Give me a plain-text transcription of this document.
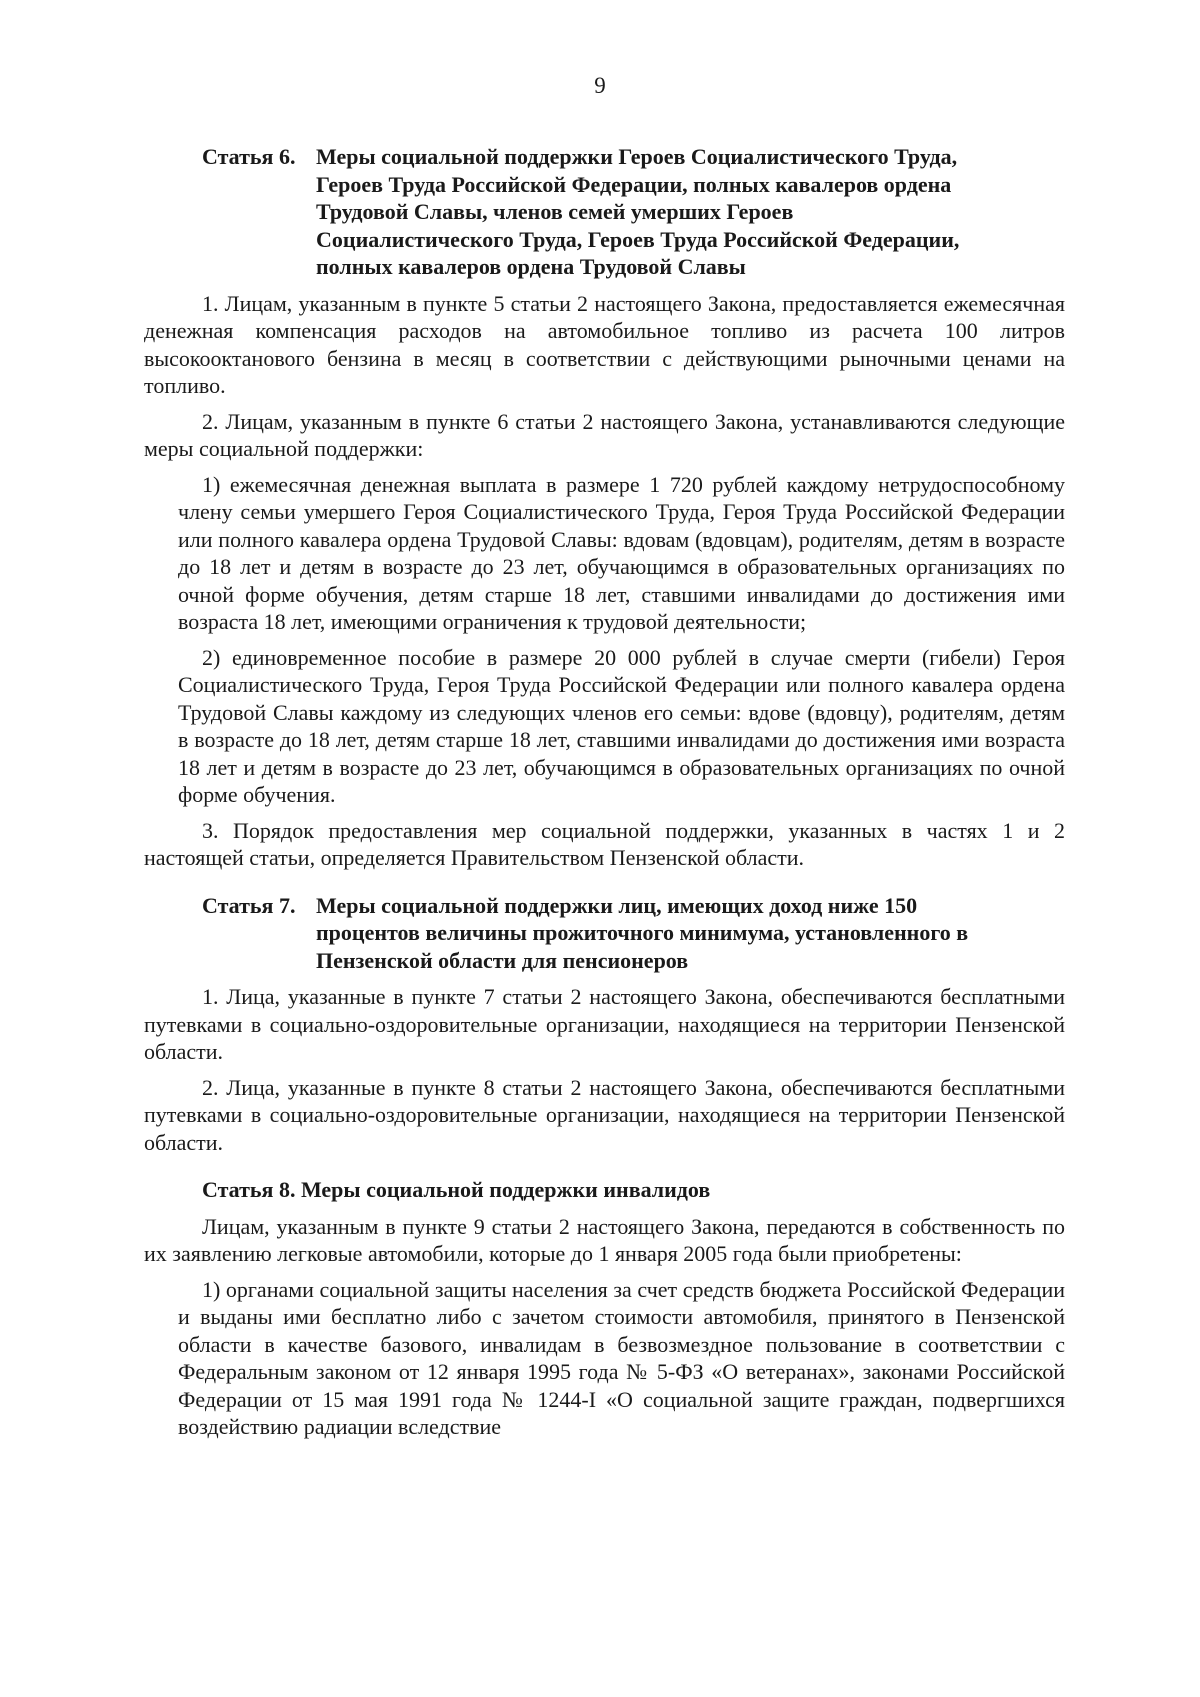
9
Статья 6. Меры социальной поддержки Героев Социалистического Труда,
Героев Труда Российской Федерации, полных кавалеров ордена
Трудовой Славы, членов семей умерших Героев
Социалистического Труда, Героев Труда Российской Федерации,
полных кавалеров ордена Трудовой Славы

1. Лицам, указанным в пункте 5 статьи 2 настоящего Закона, предоставляется ежемесячная денежная компенсация расходов на автомобильное топливо из расчета 100 литров высокооктанового бензина в месяц в соответствии с действующими рыночными ценами на топливо.

2. Лицам, указанным в пункте 6 статьи 2 настоящего Закона, устанавливаются следующие меры социальной поддержки:

1) ежемесячная денежная выплата в размере 1 720 рублей каждому нетрудоспособному члену семьи умершего Героя Социалистического Труда, Героя Труда Российской Федерации или полного кавалера ордена Трудовой Славы: вдовам (вдовцам), родителям, детям в возрасте до 18 лет и детям в возрасте до 23 лет, обучающимся в образовательных организациях по очной форме обучения, детям старше 18 лет, ставшими инвалидами до достижения ими возраста 18 лет, имеющими ограничения к трудовой деятельности;

2) единовременное пособие в размере 20 000 рублей в случае смерти (гибели) Героя Социалистического Труда, Героя Труда Российской Федерации или полного кавалера ордена Трудовой Славы каждому из следующих членов его семьи: вдове (вдовцу), родителям, детям в возрасте до 18 лет, детям старше 18 лет, ставшими инвалидами до достижения ими возраста 18 лет и детям в возрасте до 23 лет, обучающимся в образовательных организациях по очной форме обучения.

3. Порядок предоставления мер социальной поддержки, указанных в частях 1 и 2 настоящей статьи, определяется Правительством Пензенской области.

Статья 7. Меры социальной поддержки лиц, имеющих доход ниже 150
процентов величины прожиточного минимума, установленного в
Пензенской области для пенсионеров

1. Лица, указанные в пункте 7 статьи 2 настоящего Закона, обеспечиваются бесплатными путевками в социально-оздоровительные организации, находящиеся на территории Пензенской области.

2. Лица, указанные в пункте 8 статьи 2 настоящего Закона, обеспечиваются бесплатными путевками в социально-оздоровительные организации, находящиеся на территории Пензенской области.

Статья 8. Меры социальной поддержки инвалидов

Лицам, указанным в пункте 9 статьи 2 настоящего Закона, передаются в собственность по их заявлению легковые автомобили, которые до 1 января 2005 года были приобретены:

1) органами социальной защиты населения за счет средств бюджета Российской Федерации и выданы ими бесплатно либо с зачетом стоимости автомобиля, принятого в Пензенской области в качестве базового, инвалидам в безвозмездное пользование в соответствии с Федеральным законом от 12 января 1995 года № 5-ФЗ «О ветеранах», законами Российской Федерации от 15 мая 1991 года № 1244-I «О социальной защите граждан, подвергшихся воздействию радиации вследствие
